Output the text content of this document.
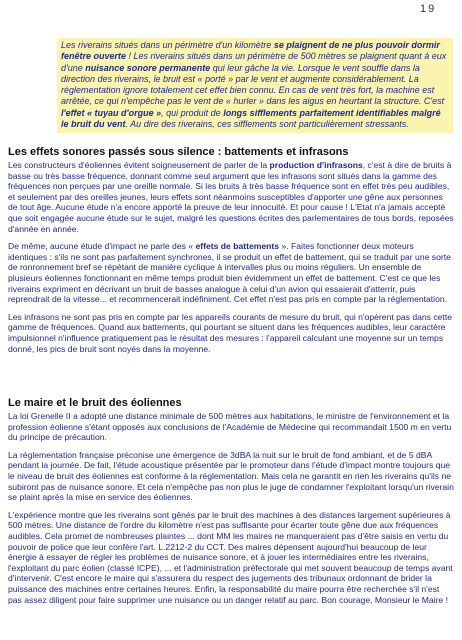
19
Les riverains situés dans un périmètre d'un kilomètre se plaignent de ne plus pouvoir dormir fenêtre ouverte ! Les riverains situés dans un périmètre de 500 mètres se plaignent quant à eux d'une nuisance sonore permanente qui leur gâche la vie. Lorsque le vent souffle dans la direction des riverains, le bruit est « porté » par le vent et augmente considérablement. La réglementation ignore totalement cet effet bien connu. En cas de vent très fort, la machine est arrêtée, ce qui n'empêche pas le vent de « hurler » dans les aigus en heurtant la structure. C'est l'effet « tuyau d'orgue », qui produit de longs sifflements parfaitement identifiables malgré le bruit du vent. Au dire des riverains, ces sifflements sont particulièrement stressants.
Les effets sonores passés sous silence : battements et infrasons

Les constructeurs d'éoliennes évitent soigneusement de parler de la production d'infrasons, c'est à dire de bruits à basse ou très basse fréquence, donnant comme seul argument que les infrasons sont situés dans la gamme des fréquences non perçues par une oreille normale. Si les bruits à très basse fréquence sont en effet très peu audibles, et seulement par des oreilles jeunes, leurs effets sont néanmoins susceptibles d'apporter une gêne aux personnes de tout âge. Aucune étude n'a encore apporté la preuve de leur innocuité. Et pour cause ! L'Etat n'a jamais accepté que soit engagée aucune étude sur le sujet, malgré les questions écrites des parlementaires de tous bords, reposées d'année en année.

De même, aucune étude d'impact ne parle des « effets de battements ». Faites fonctionner deux moteurs identiques : s'ils ne sont pas parfaitement synchrones, il se produit un effet de battement, qui se traduit par une sorte de ronronnement bref se répétant de manière cyclique à intervalles plus ou moins réguliers. Un ensemble de plusieurs éoliennes fonctionnant en même temps produit bien évidemment un effet de battement. C'est ce que les riverains expriment en décrivant un bruit de basses analogue à celui d'un avion qui essaierait d'atterrir, puis reprendrait de la vitesse... et recommencerait indéfiniment. Cet effet n'est pas pris en compte par la réglementation.

Les infrasons ne sont pas pris en compte par les appareils courants de mesure du bruit, qui n'opèrent pas dans cette gamme de fréquences. Quand aux battements, qui pourtant se situent dans les fréquences audibles, leur caractère impulsionnel n'influence pratiquement pas le résultat des mesures : l'appareil calculant une moyenne sur un temps donné, les pics de bruit sont noyés dans la moyenne.

Le maire et le bruit des éoliennes

La loi Grenelle II a adopté une distance minimale de 500 mètres aux habitations, le ministre de l'environnement et la profession éolienne s'étant opposés aux conclusions de l'Académie de Médecine qui recommandait 1500 m en vertu du principe de précaution.

La réglementation française préconise une émergence de 3dBA la nuit sur le bruit de fond ambiant, et de 5 dBA pendant la journée. De fait, l'étude acoustique présentée par le promoteur dans l'étude d'impact montre toujours que le niveau de bruit des éoliennes est conforme à la réglementation. Mais cela ne garantit en rien les riverains qu'ils ne subiront pas de nuisance sonore. Et cela n'empêche pas non plus le juge de condamner l'exploitant lorsqu'un riverain se plaint après la mise en service des éoliennes.

L'expérience montre que les riverains sont gênés par le bruit des machines à des distances largement supérieures à 500 mètres. Une distance de l'ordre du kilomètre n'est pas suffisante pour écarter toute gêne due aux fréquences audibles. Cela promet de nombreuses plaintes ... dont MM les maires ne manqueraient pas d'être saisis en vertu du pouvoir de police que leur confère l'art. L.2212-2 du CCT. Des maires dépensent aujourd'hui beaucoup de leur énergie à essayer de régler les problèmes de nuisance sonore, et à jouer les intermédiaires entre les riverains, l'exploitant du parc éolien (classé ICPE), ... et l'administration préfectorale qui met souvent beaucoup de temps avant d'intervenir. C'est encore le maire qui s'assurera du respect des jugements des tribunaux ordonnant de brider la puissance des machines entre certaines heures. Enfin, la responsabilité du maire pourra être recherchée s'il n'est pas assez diligent pour faire supprimer une nuisance ou un danger relatif au parc. Bon courage, Monsieur le Maire !
